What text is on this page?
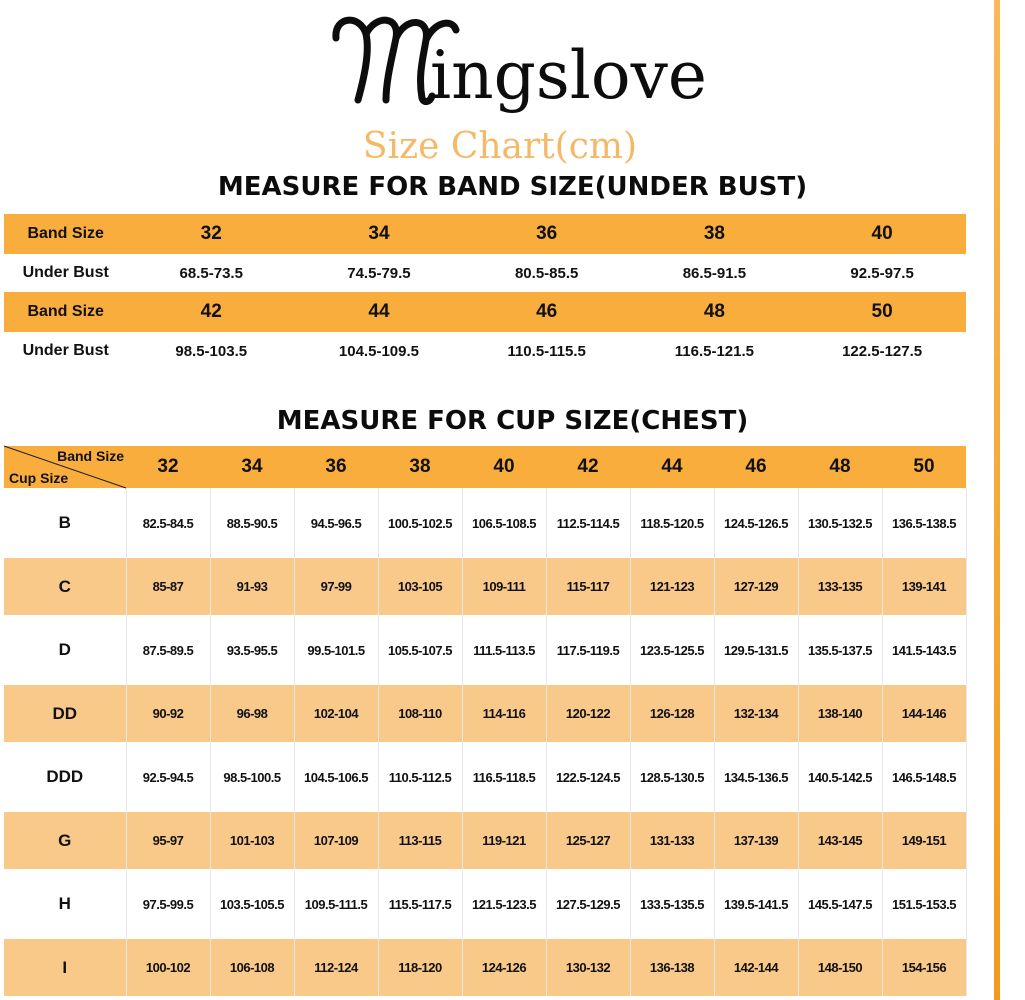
ingslove
Size Chart(cm)
MEASURE FOR BAND SIZE(UNDER BUST)
Band Size	32	34	36	38	40
Under Bust	68.5-73.5	74.5-79.5	80.5-85.5	86.5-91.5	92.5-97.5
Band Size	42	44	46	48	50
Under Bust	98.5-103.5	104.5-109.5	110.5-115.5	116.5-121.5	122.5-127.5
MEASURE FOR CUP SIZE(CHEST)
Band Size
Cup Size	32	34	36	38	40	42	44	46	48	50
B	82.5-84.5	88.5-90.5	94.5-96.5	100.5-102.5	106.5-108.5	112.5-114.5	118.5-120.5	124.5-126.5	130.5-132.5	136.5-138.5
C	85-87	91-93	97-99	103-105	109-111	115-117	121-123	127-129	133-135	139-141
D	87.5-89.5	93.5-95.5	99.5-101.5	105.5-107.5	111.5-113.5	117.5-119.5	123.5-125.5	129.5-131.5	135.5-137.5	141.5-143.5
DD	90-92	96-98	102-104	108-110	114-116	120-122	126-128	132-134	138-140	144-146
DDD	92.5-94.5	98.5-100.5	104.5-106.5	110.5-112.5	116.5-118.5	122.5-124.5	128.5-130.5	134.5-136.5	140.5-142.5	146.5-148.5
G	95-97	101-103	107-109	113-115	119-121	125-127	131-133	137-139	143-145	149-151
H	97.5-99.5	103.5-105.5	109.5-111.5	115.5-117.5	121.5-123.5	127.5-129.5	133.5-135.5	139.5-141.5	145.5-147.5	151.5-153.5
I	100-102	106-108	112-124	118-120	124-126	130-132	136-138	142-144	148-150	154-156
